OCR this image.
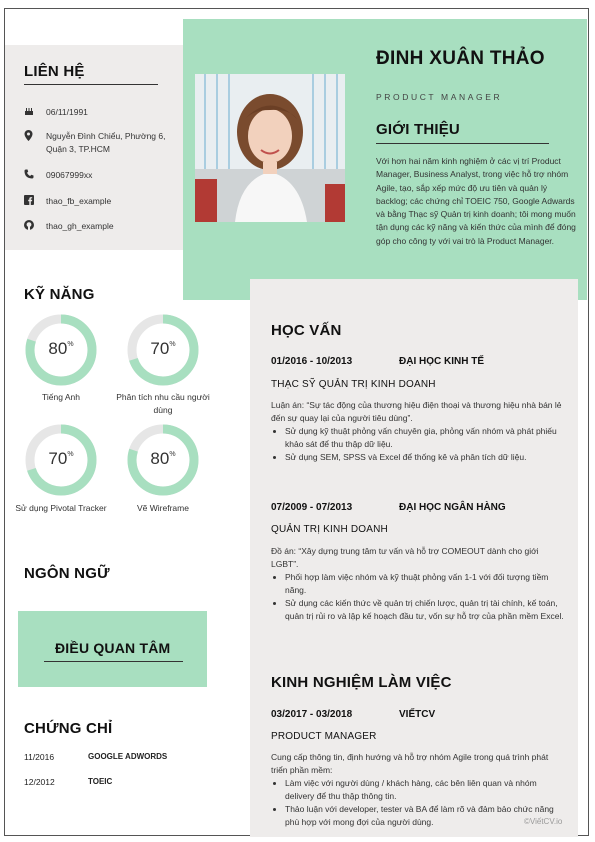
ĐINH XUÂN THẢO
PRODUCT MANAGER
GIỚI THIỆU
Với hơn hai năm kinh nghiệm ở các vị trí Product Manager, Business Analyst, trong việc hỗ trợ nhóm Agile, tạo, sắp xếp mức độ ưu tiên và quản lý backlog; các chứng chỉ TOEIC 750, Google Adwards và bằng Thạc sỹ Quản trị kinh doanh; tôi mong muốn tận dụng các kỹ năng và kiến thức của mình để đóng góp cho công ty với vai trò là Product Manager.
LIÊN HỆ
06/11/1991
Nguyễn Đình Chiểu, Phường 6, Quận 3, TP.HCM
09067999xx
thao_fb_example
thao_gh_example
KỸ NĂNG
80%
Tiếng Anh
70%
Phân tích nhu cầu người dùng
70%
Sử dụng Pivotal Tracker
80%
Vẽ Wireframe
NGÔN NGỮ
ĐIỀU QUAN TÂM
CHỨNG CHỈ
11/2016	GOOGLE ADWORDS
12/2012	TOEIC
HỌC VẤN
01/2016 - 10/2013	ĐẠI HỌC KINH TẾ
THẠC SỸ QUẢN TRỊ KINH DOANH
Luận án: “Sự tác động của thương hiệu điện thoại và thương hiệu nhà bán lẻ đến sự quay lại của người tiêu dùng”.
• Sử dụng kỹ thuật phỏng vấn chuyên gia, phỏng vấn nhóm và phát phiếu khảo sát để thu thập dữ liệu.
• Sử dụng SEM, SPSS và Excel để thống kê và phân tích dữ liệu.
07/2009 - 07/2013	ĐẠI HỌC NGÂN HÀNG
QUẢN TRỊ KINH DOANH
Đồ án: “Xây dựng trung tâm tư vấn và hỗ trợ COMEOUT dành cho giới LGBT”.
• Phối hợp làm việc nhóm và kỹ thuật phỏng vấn 1-1 với đối tượng tiềm năng.
• Sử dụng các kiến thức về quản trị chiến lược, quản trị tài chính, kế toán, quản trị rủi ro và lập kế hoạch đầu tư, vốn sự hỗ trợ của phần mềm Excel.
KINH NGHIỆM LÀM VIỆC
03/2017 - 03/2018	VIẾTCV
PRODUCT MANAGER
Cung cấp thông tin, định hướng và hỗ trợ nhóm Agile trong quá trình phát triển phần mềm:
• Làm việc với người dùng / khách hàng, các bên liên quan và nhóm delivery để thu thập thông tin.
• Thảo luận với developer, tester và BA để làm rõ và đảm bảo chức năng phù hợp với mong đợi của người dùng.	©ViếtCV.io
